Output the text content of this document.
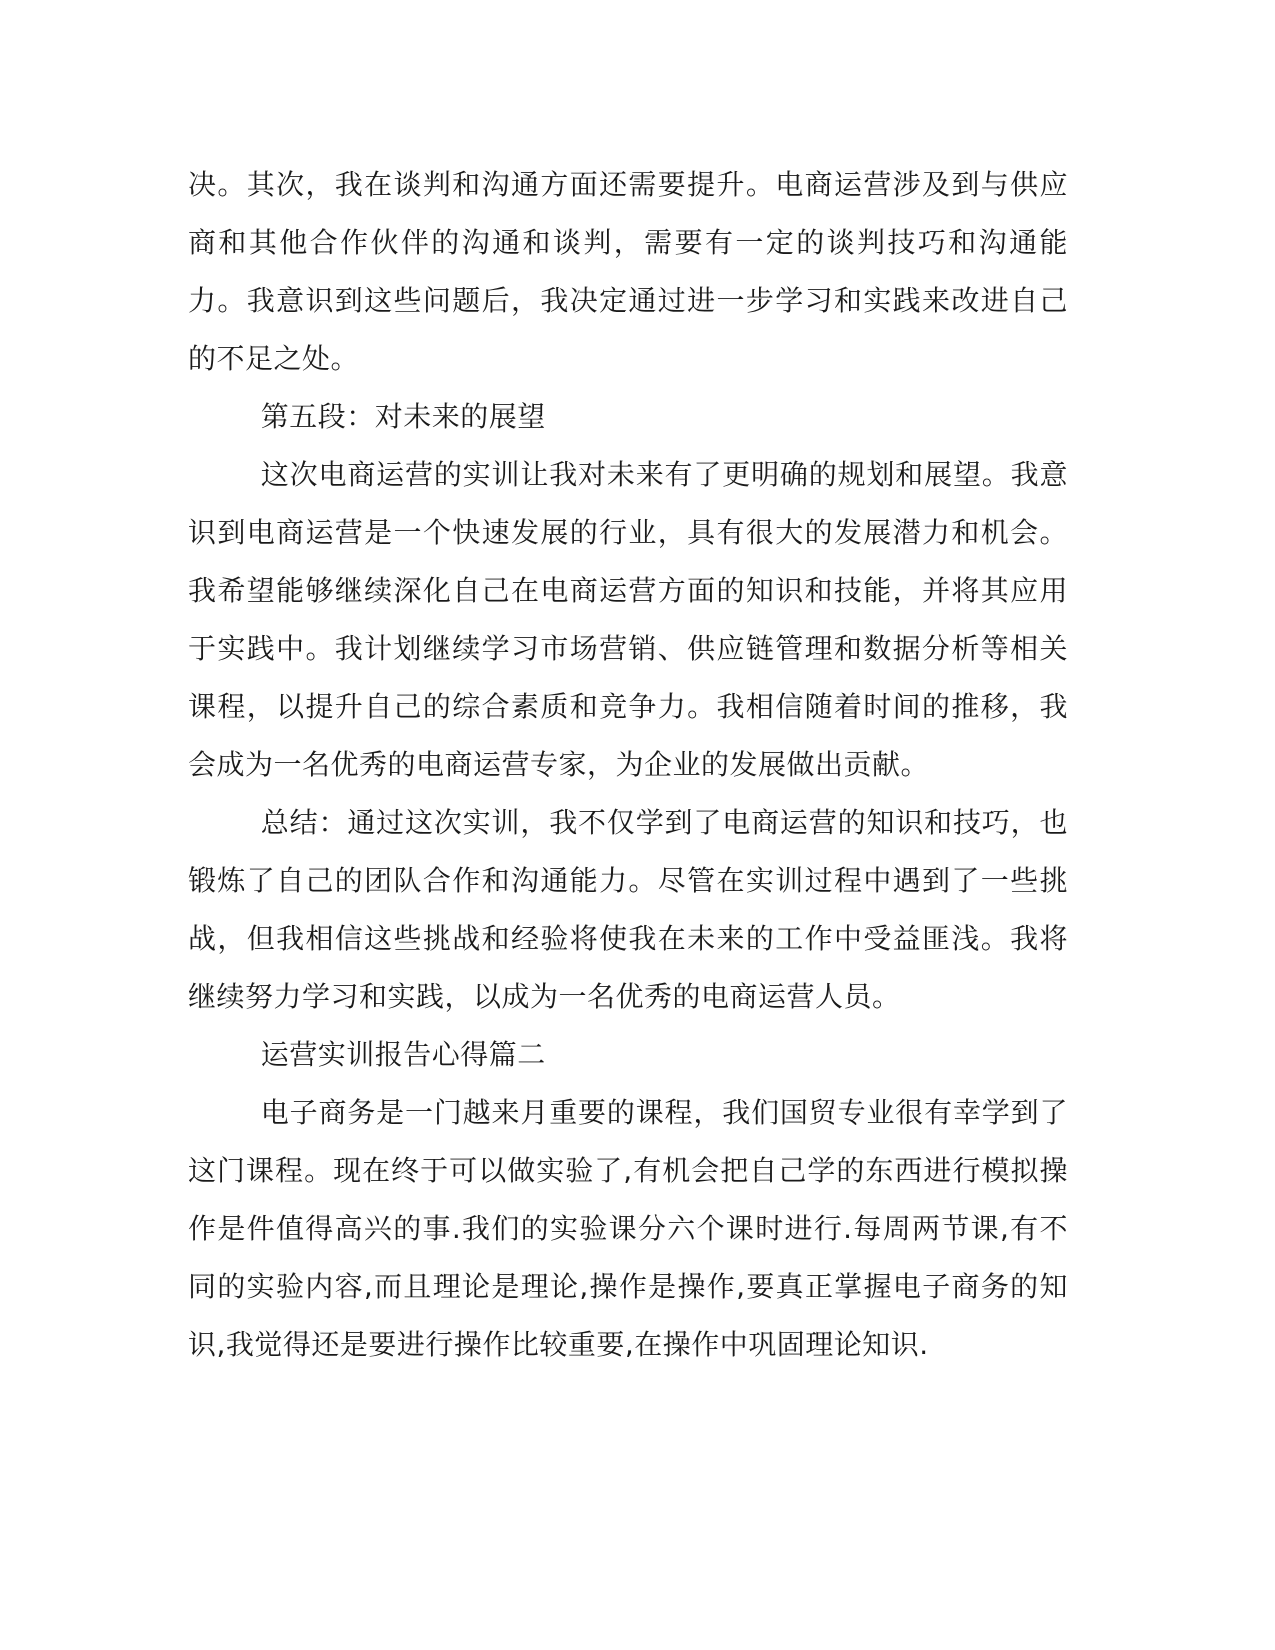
决。其次，我在谈判和沟通方面还需要提升。电商运营涉及到与供应商和其他合作伙伴的沟通和谈判，需要有一定的谈判技巧和沟通能力。我意识到这些问题后，我决定通过进一步学习和实践来改进自己的不足之处。

第五段：对未来的展望

这次电商运营的实训让我对未来有了更明确的规划和展望。我意识到电商运营是一个快速发展的行业，具有很大的发展潜力和机会。我希望能够继续深化自己在电商运营方面的知识和技能，并将其应用于实践中。我计划继续学习市场营销、供应链管理和数据分析等相关课程，以提升自己的综合素质和竞争力。我相信随着时间的推移，我会成为一名优秀的电商运营专家，为企业的发展做出贡献。

总结：通过这次实训，我不仅学到了电商运营的知识和技巧，也锻炼了自己的团队合作和沟通能力。尽管在实训过程中遇到了一些挑战，但我相信这些挑战和经验将使我在未来的工作中受益匪浅。我将继续努力学习和实践，以成为一名优秀的电商运营人员。

运营实训报告心得篇二

电子商务是一门越来月重要的课程，我们国贸专业很有幸学到了这门课程。现在终于可以做实验了,有机会把自己学的东西进行模拟操作是件值得高兴的事.我们的实验课分六个课时进行.每周两节课,有不同的实验内容,而且理论是理论,操作是操作,要真正掌握电子商务的知识,我觉得还是要进行操作比较重要,在操作中巩固理论知识.
